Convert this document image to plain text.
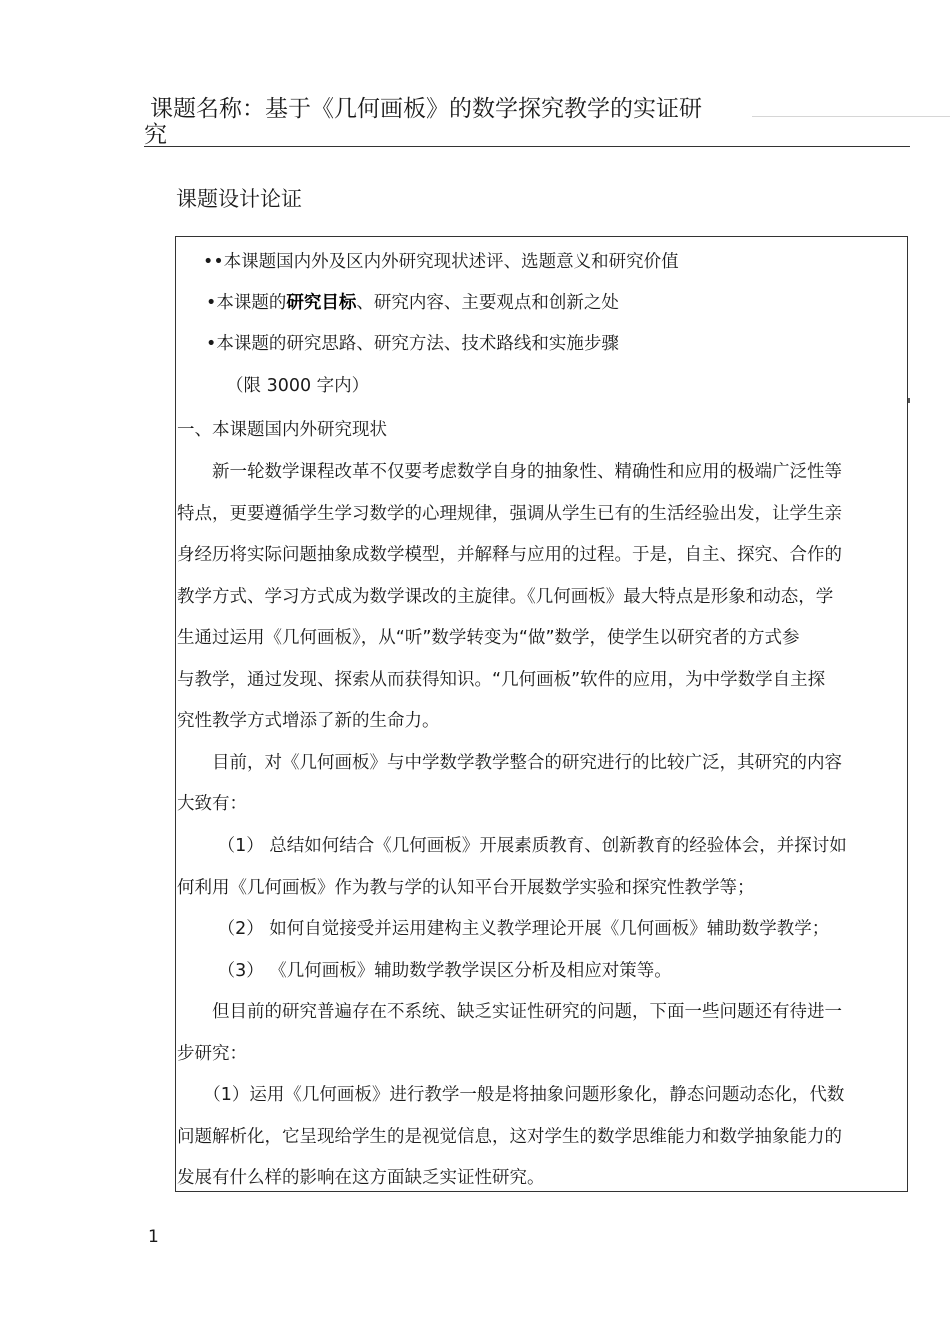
课题名称：基于《几何画板》的数学探究教学的实证研
究
课题设计论证
••本课题国内外及区内外研究现状述评、选题意义和研究价值
•本课题的研究目标、研究内容、主要观点和创新之处
•本课题的研究思路、研究方法、技术路线和实施步骤
（限 3000 字内）
一、本课题国内外研究现状
　　新一轮数学课程改革不仅要考虑数学自身的抽象性、精确性和应用的极端广泛性等
特点，更要遵循学生学习数学的心理规律，强调从学生已有的生活经验出发，让学生亲
身经历将实际问题抽象成数学模型，并解释与应用的过程。于是，自主、探究、合作的
教学方式、学习方式成为数学课改的主旋律。《几何画板》最大特点是形象和动态，学
生通过运用《几何画板》，从“听”数学转变为“做”数学，使学生以研究者的方式参
与教学，通过发现、探索从而获得知识。“几何画板”软件的应用，为中学数学自主探
究性教学方式增添了新的生命力。
　　目前，对《几何画板》与中学数学教学整合的研究进行的比较广泛，其研究的内容
大致有：
　　 （1） 总结如何结合《几何画板》开展素质教育、创新教育的经验体会，并探讨如
何利用《几何画板》作为教与学的认知平台开展数学实验和探究性教学等；
　　 （2） 如何自觉接受并运用建构主义教学理论开展《几何画板》辅助数学教学；
　　 （3） 《几何画板》辅助数学教学误区分析及相应对策等。
　　但目前的研究普遍存在不系统、缺乏实证性研究的问题，下面一些问题还有待进一
步研究：
　　（1）运用《几何画板》进行教学一般是将抽象问题形象化，静态问题动态化，代数
问题解析化，它呈现给学生的是视觉信息，这对学生的数学思维能力和数学抽象能力的
发展有什么样的影响在这方面缺乏实证性研究。
1
